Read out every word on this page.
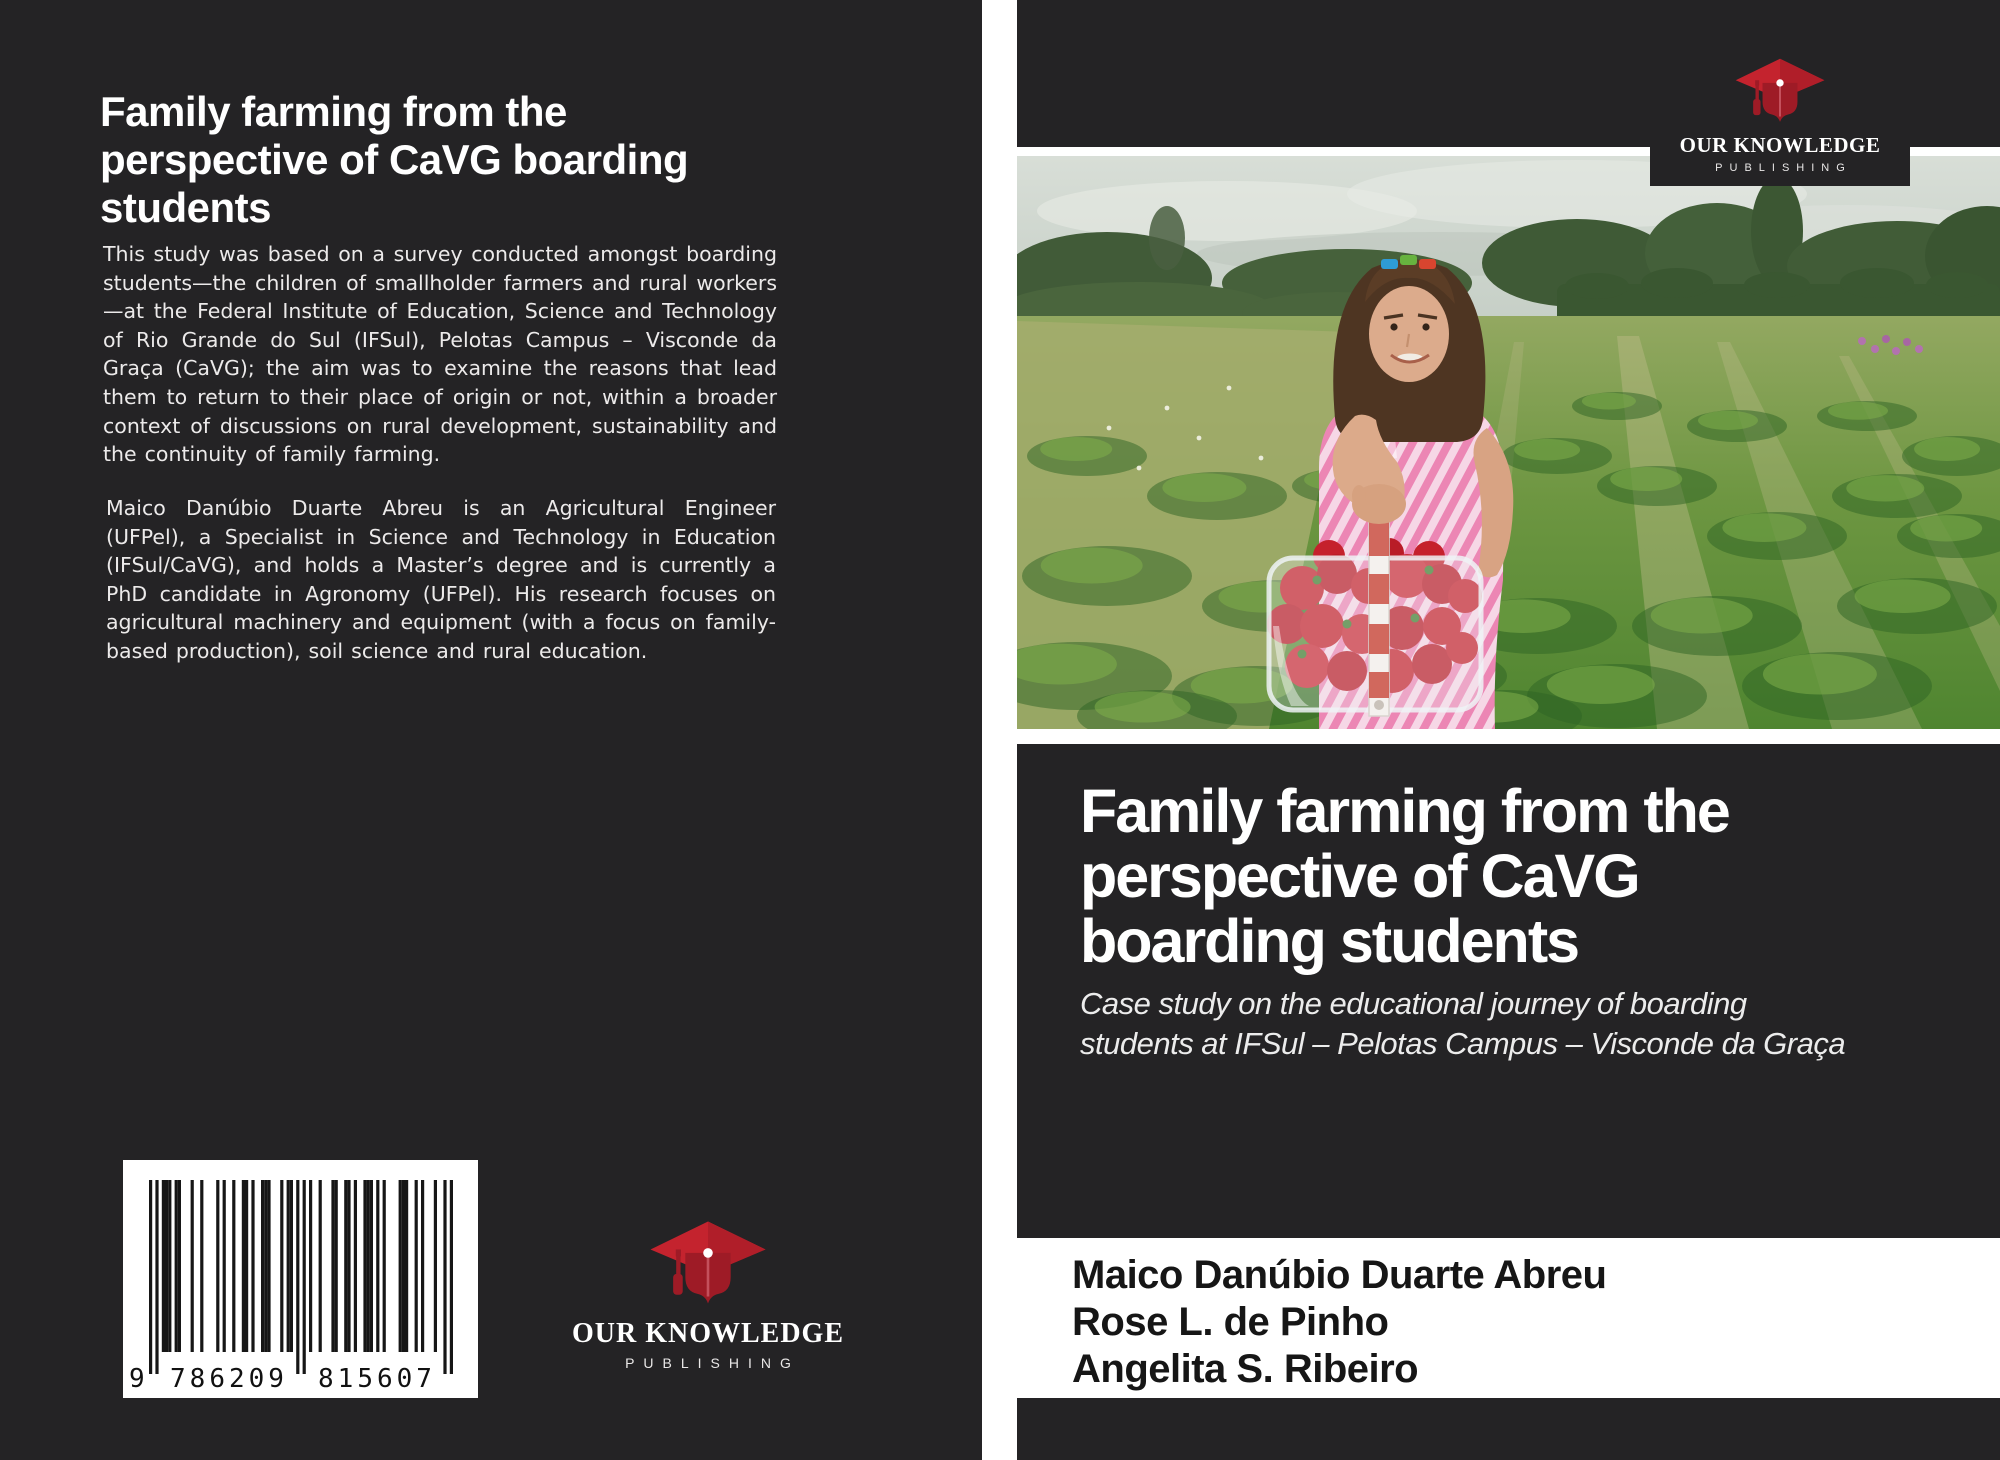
Family farming from the
perspective of CaVG boarding
students
This study was based on a survey conducted amongst boarding students—the children of smallholder farmers and rural workers—at the Federal Institute of Education, Science and Technology of Rio Grande do Sul (IFSul), Pelotas Campus – Visconde da Graça (CaVG); the aim was to examine the reasons that lead them to return to their place of origin or not, within a broader context of discussions on rural development, sustainability and the continuity of family farming.
Maico Danúbio Duarte Abreu is an Agricultural Engineer (UFPel), a Specialist in Science and Technology in Education (IFSul/CaVG), and holds a Master’s degree and is currently a PhD candidate in Agronomy (UFPel). His research focuses on agricultural machinery and equipment (with a focus on family-based production), soil science and rural education.
9 786209 815607
OUR KNOWLEDGE
PUBLISHING
OUR KNOWLEDGE
PUBLISHING
Family farming from the
perspective of CaVG
boarding students
Case study on the educational journey of boarding
students at IFSul – Pelotas Campus – Visconde da Graça
Maico Danúbio Duarte Abreu
Rose L. de Pinho
Angelita S. Ribeiro
